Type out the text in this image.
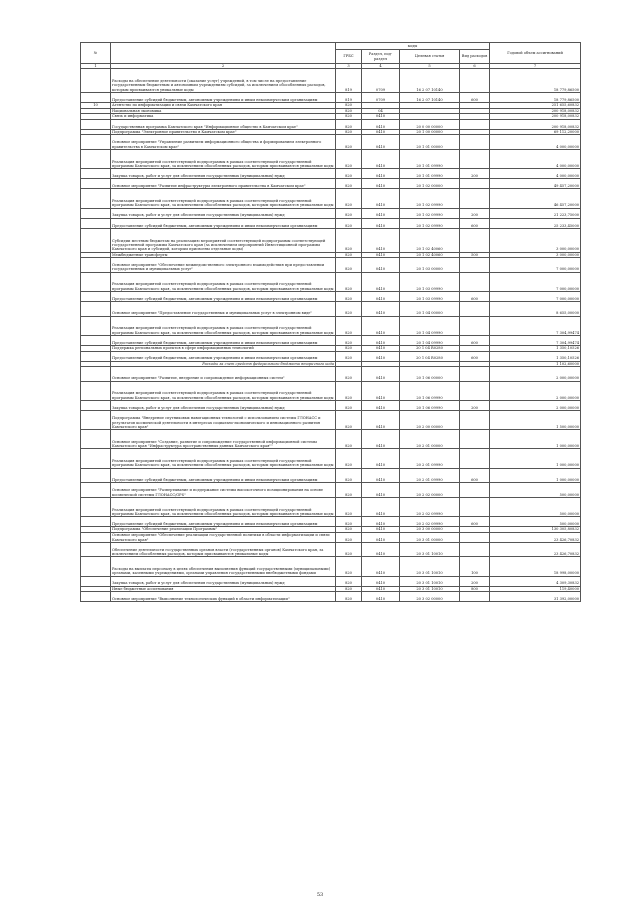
№		коды				Годовой объем ассигнований
		ГРБС	Раздел, под-раздел	Целевая статья	Вид расходов	
1	2	3	4	5	6	7
	Расходы на обеспечение деятельности (оказание услуг) учреждений, в том числе на предоставление государственным бюджетным и автономным учреждениям субсидий, за исключением обособленных расходов, которым присваиваются уникальные коды	819	0709	16 2 07 10140		18 779,86500
	Предоставление субсидий бюджетным, автономным учреждениям и иным некоммерческим организациям	819	0709	16 2 07 10140	600	18 779,86500
10	Агентство по информатизации и связи Камчатского края	820				251 655,60832
	Национальная экономика	820	04			200 918,00832
	Связь и информатика	820	0410			200 918,00832
	Государственная программа Камчатского края "Информационное общество в Камчатском крае"	820	0410	20 0 00 00000		200 918,00832
	Подпрограмма "Электронное правительство в Камчатском крае"	820	0410	20 1 00 00000		69 112,20000
	Основное мероприятие "Управление развитием информационного общества и формированием электронного правительства в Камчатском крае"	820	0410	20 1 01 00000		4 000,00000
	Реализация мероприятий соответствующей подпрограммы в рамках соответствующей государственной программы Камчатского края, за исключением обособленных расходов, которым присваиваются уникальные коды	820	0410	20 1 01 09990		4 000,00000
	Закупка товаров, работ и услуг для обеспечения государственных (муниципальных) нужд	820	0410	20 1 01 09990	200	4 000,00000
	Основное мероприятие "Развитие инфраструктуры электронного правительства в Камчатском крае"	820	0410	20 1 02 00000		49 457,20000
	Реализация мероприятий соответствующей подпрограммы в рамках соответствующей государственной программы Камчатского края, за исключением обособленных расходов, которым присваиваются уникальные коды	820	0410	20 1 02 09990		46 457,20000
	Закупка товаров, работ и услуг для обеспечения государственных (муниципальных) нужд	820	0410	20 1 02 09990	200	21 223,75000
	Предоставление субсидий бюджетным, автономным учреждениям и иным некоммерческим организациям	820	0410	20 1 02 09990	600	25 233,45000
	Субсидии местным бюджетам на реализацию мероприятий соответствующей подпрограммы соответствующей государственной программы Камчатского края (за исключением мероприятий Инвестиционной программы Камчатского края и субсидий, которым присвоены отдельные коды)	820	0410	20 1 02 40060		3 000,00000
	Межбюджетные трансферты	820	0410	20 1 02 40060	500	3 000,00000
	Основное мероприятие "Обеспечение межведомственного электронного взаимодействия при предоставлении государственных и муниципальных услуг"	820	0410	20 1 03 00000		7 000,00000
	Реализация мероприятий соответствующей подпрограммы в рамках соответствующей государственной программы Камчатского края, за исключением обособленных расходов, которым присваиваются уникальные коды	820	0410	20 1 03 09990		7 000,00000
	Предоставление субсидий бюджетным, автономным учреждениям и иным некоммерческим организациям	820	0410	20 1 03 09990	600	7 000,00000
	Основное мероприятие "Предоставление государственных и муниципальных услуг в электронном виде"	820	0410	20 1 04 00000		8 655,00000
	Реализация мероприятий соответствующей подпрограммы в рамках соответствующей государственной программы Камчатского края, за исключением обособленных расходов, которым присваиваются уникальные коды	820	0410	20 1 04 09990		7 304,99474
	Предоставление субсидий бюджетным, автономным учреждениям и иным некоммерческим организациям	820	0410	20 1 04 09990	600	7 304,99474
	Поддержка региональных проектов в сфере информационных технологий	820	0410	20 1 04 R0280		1 350,10526
	Предоставление субсидий бюджетным, автономным учреждениям и иным некоммерческим организациям	820	0410	20 1 04 R0280	600	1 350,10526
	Расходы за счет средств федерального бюджета вторичного кода					1 102,60000
	Основное мероприятие "Развитие, внедрение и сопровождение информационных систем"	820	0410	20 1 06 00000		2 000,00000
	Реализация мероприятий соответствующей подпрограммы в рамках соответствующей государственной программы Камчатского края, за исключением обособленных расходов, которым присваиваются уникальные коды	820	0410	20 1 06 09990		2 000,00000
	Закупка товаров, работ и услуг для обеспечения государственных (муниципальных) нужд	820	0410	20 1 06 09990	200	2 000,00000
	Подпрограмма "Внедрение спутниковых навигационных технологий с использованием системы ГЛОНАСС и результатов космической деятельности в интересах социально-экономического и инновационного развития Камчатского края"	820	0410	20 2 00 00000		1 500,00000
	Основное мероприятие "Создание, развитие и сопровождение государственной информационной системы Камчатского края "Инфраструктура пространственных данных Камчатского края""	820	0410	20 2 01 00000		1 000,00000
	Реализация мероприятий соответствующей подпрограммы в рамках соответствующей государственной программы Камчатского края, за исключением обособленных расходов, которым присваиваются уникальные коды	820	0410	20 2 01 09990		1 000,00000
	Предоставление субсидий бюджетным, автономным учреждениям и иным некоммерческим организациям	820	0410	20 2 01 09990	600	1 000,00000
	Основное мероприятие "Развертывание и поддержание системы высокоточного позиционирования на основе космической системы ГЛОНАСС/GPS"	820	0410	20 2 02 00000		500,00000
	Реализация мероприятий соответствующей подпрограммы в рамках соответствующей государственной программы Камчатского края, за исключением обособленных расходов, которым присваиваются уникальные коды	820	0410	20 2 02 09990		500,00000
	Предоставление субсидий бюджетным, автономным учреждениям и иным некоммерческим организациям	820	0410	20 2 02 09990	600	500,00000
	Подпрограмма "Обеспечение реализации Программы"	820	0410	20 3 00 00000		130 305,80832
	Основное мероприятие "Обеспечение реализации государственной политики в области информатизации и связи Камчатского края"	820	0410	20 3 01 00000		23 426,70832
	Обеспечение деятельности государственных органов власти (государственных органов) Камчатского края, за исключением обособленных расходов, которым присваиваются уникальные коды	820	0410	20 3 01 10010		23 426,70832
	Расходы на выплаты персоналу в целях обеспечения выполнения функций государственными (муниципальными) органами, казенными учреждениями, органами управления государственными внебюджетными фондами	820	0410	20 3 01 10010	100	18 998,00000
	Закупка товаров, работ и услуг для обеспечения государственных (муниципальных) нужд	820	0410	20 3 01 10010	200	4 309,30832
	Иные бюджетные ассигнования	820	0410	20 3 01 10010	800	119,40000
	Основное мероприятие "Выполнение технологических функций в области информатизации"	820	0410	20 3 02 00000		31 392,00000
53
